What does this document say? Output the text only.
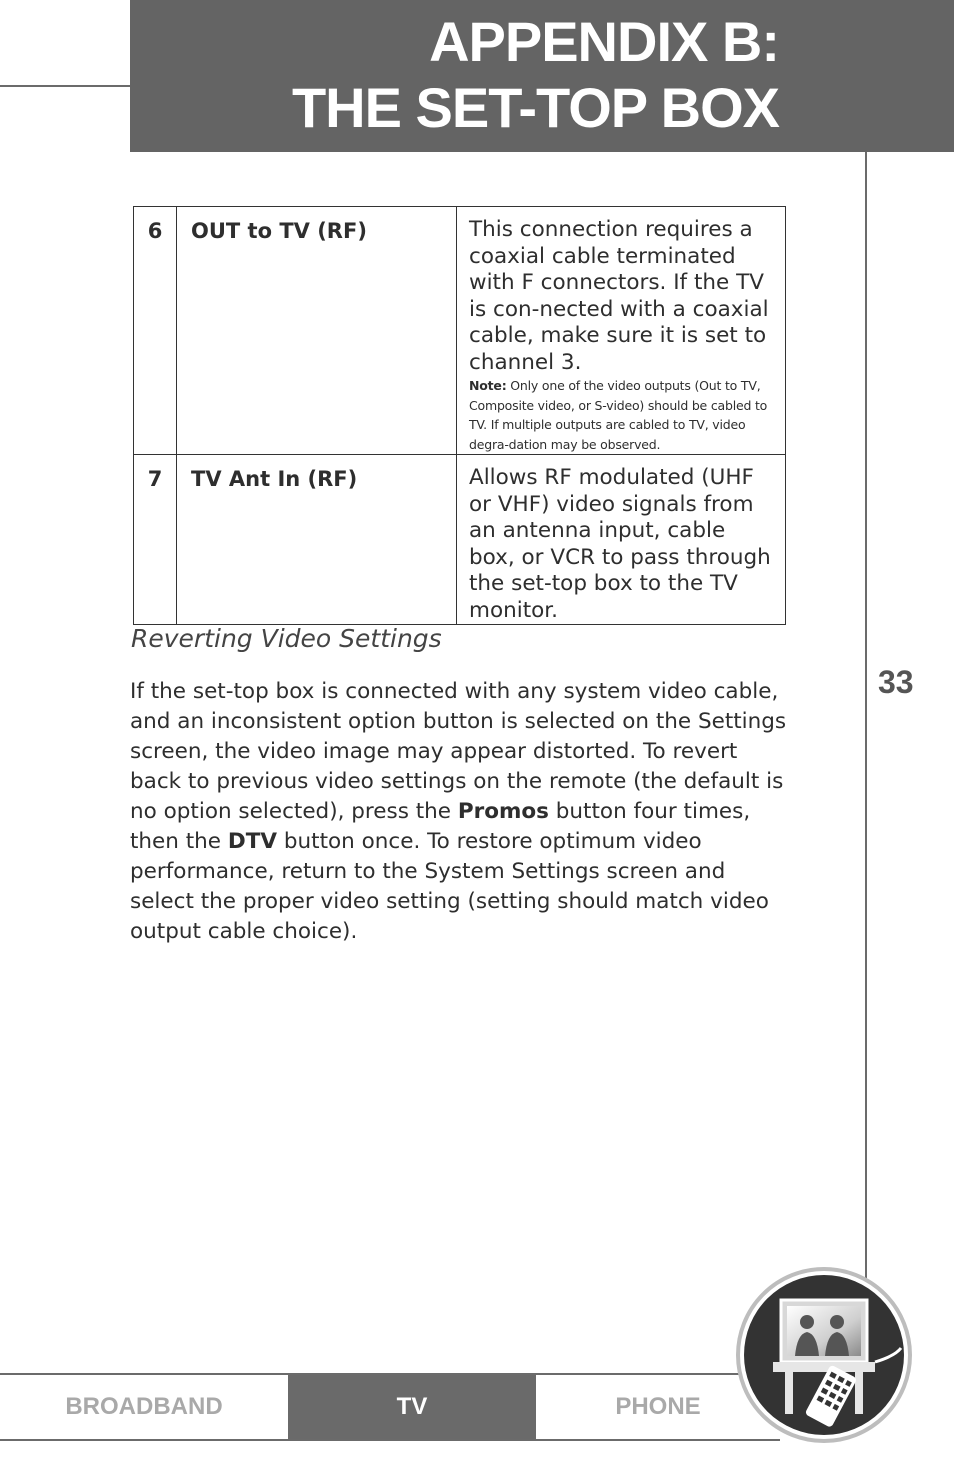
APPENDIX B:
THE SET-TOP BOX
33
6	OUT to TV (RF)	This connection requires a coaxial cable terminated with F connectors. If the TV is con-nected with a coaxial cable, make sure it is set to channel 3.
Note: Only one of the video outputs (Out to TV, Composite video, or S-video) should be cabled to TV. If multiple outputs are cabled to TV, video degra-dation may be observed.

7	TV Ant In (RF)	Allows RF modulated (UHF or VHF) video signals from an antenna input, cable box, or VCR to pass through the set-top box to the TV monitor.
Reverting Video Settings
If the set-top box is connected with any system video cable, and an inconsistent option button is selected on the Settings screen, the video image may appear distorted. To revert back to previous video settings on the remote (the default is no option selected), press the Promos button four times, then the DTV button once. To restore optimum video performance, return to the System Settings screen and select the proper video setting (setting should match video output cable choice).
BROADBAND	TV	PHONE
